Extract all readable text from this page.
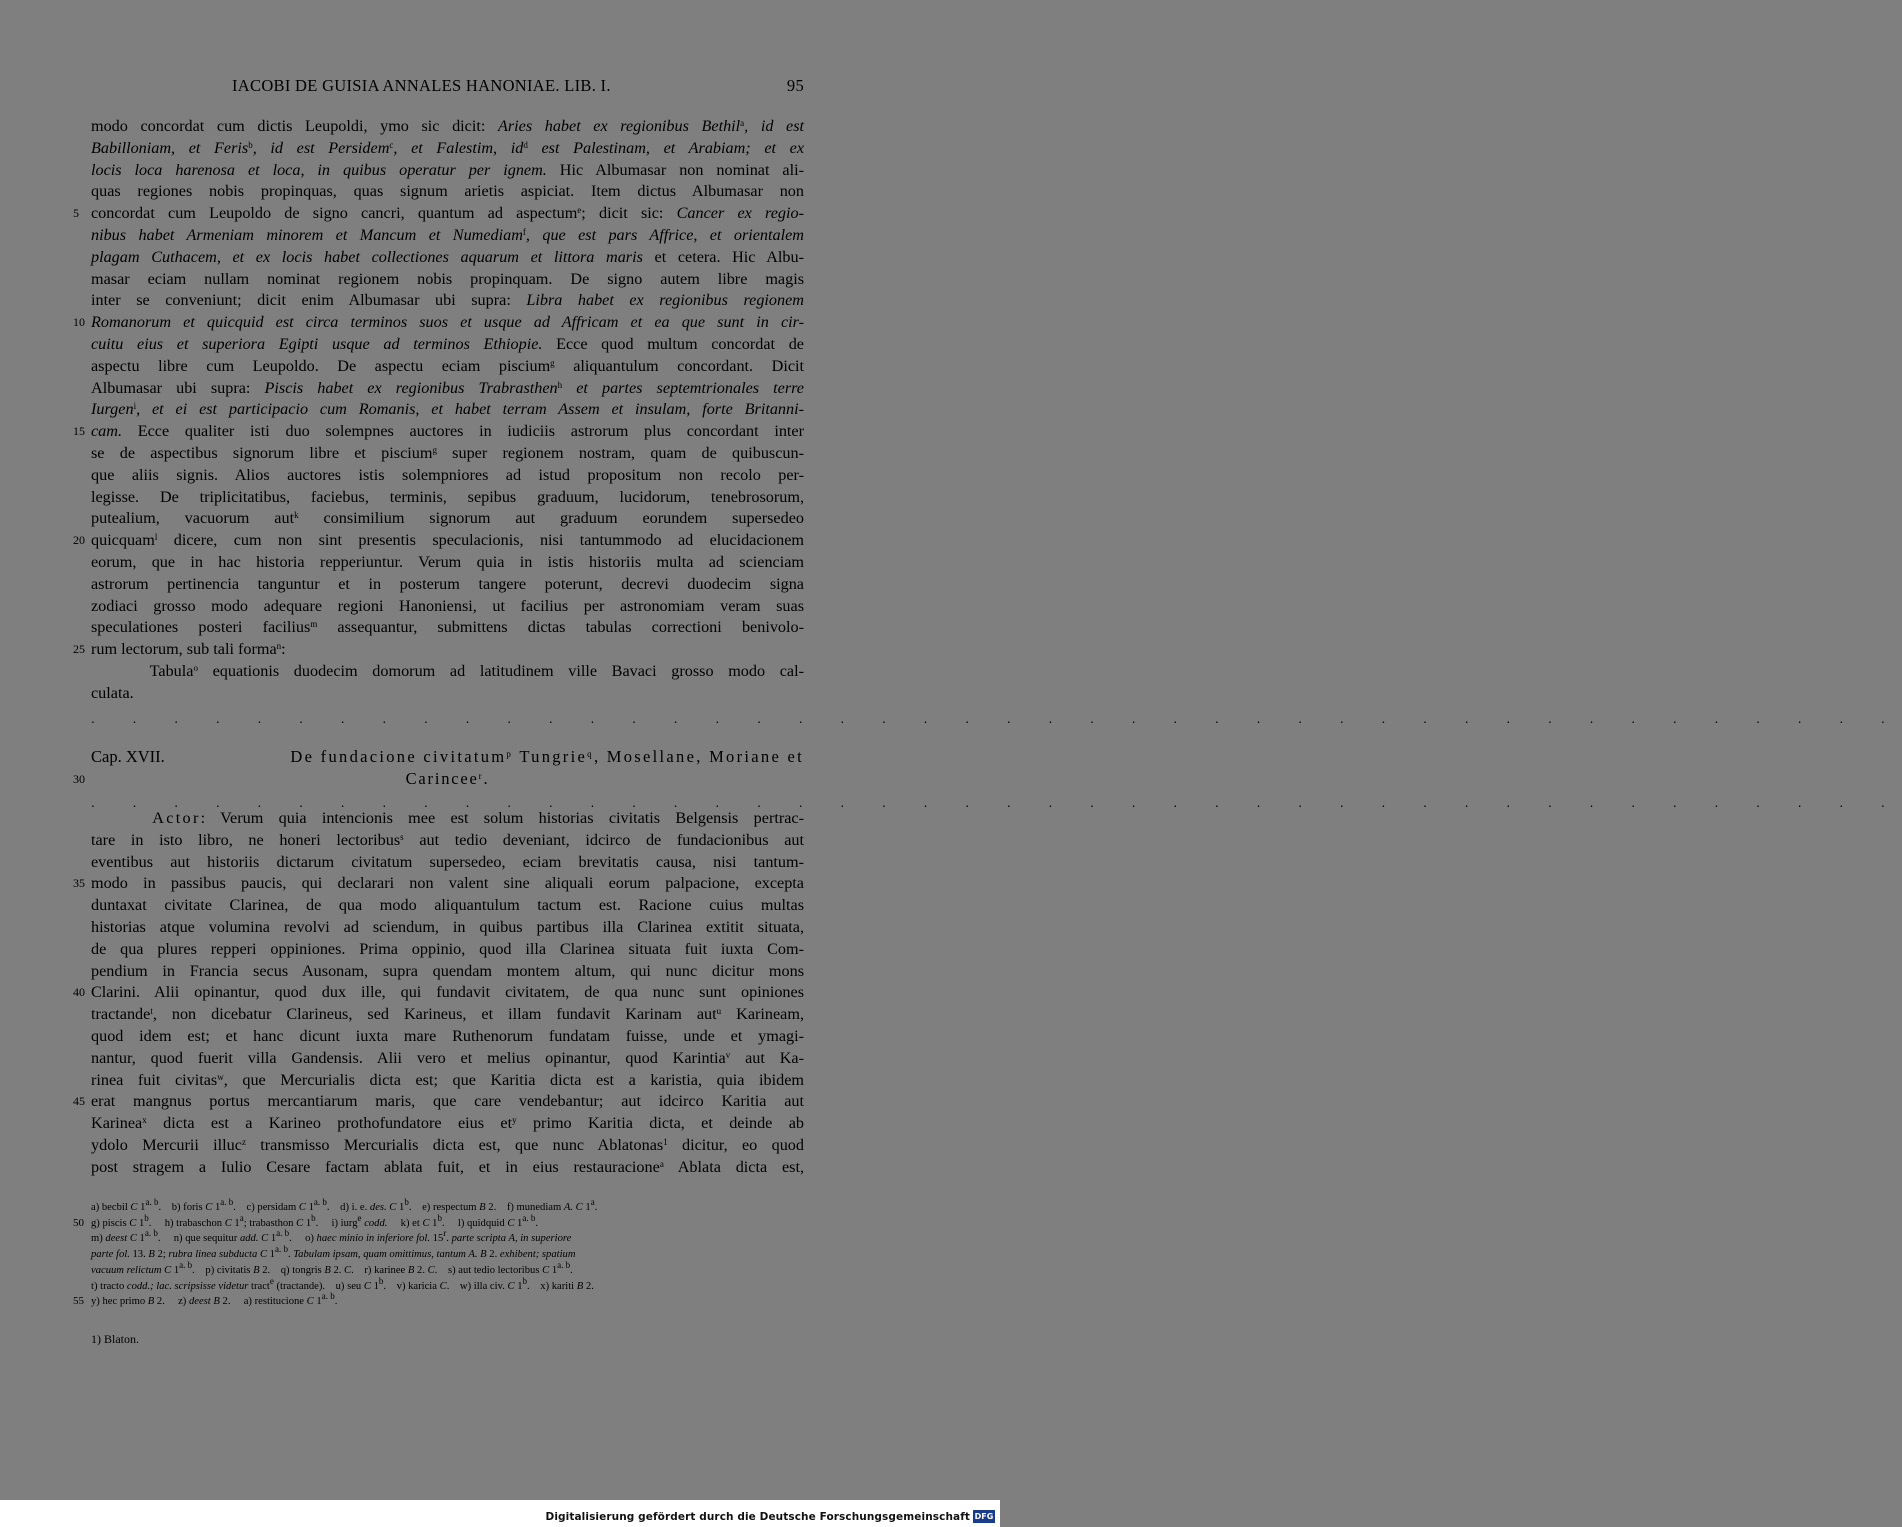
IACOBI DE GUISIA ANNALES HANONIAE. LIB. I.	95
modo concordat cum dictis Leupoldi, ymo sic dicit: Aries habet ex regionibus Bethil$^a$, id est
Babilloniam, et Feris$^b$, id est Persidem$^c$, et Falestim, $id^d$ est Palestinam, et Arabiam; et ex
locis loca harenosa et loca, in quibus operatur per ignem. Hic Albumasar non nominat ali-
quas regiones nobis propinquas, quas signum arietis aspiciat. Item dictus Albumasar non
5 concordat cum Leupoldo de signo cancri, quantum ad aspectum$^e$; dicit sic: Cancer ex regio-
nibus habet Armeniam minorem et Mancum et Numediam$^f$, que est pars Affrice, et orientalem
plagam Cuthacem, et ex locis habet collectiones aquarum et littora maris et cetera. Hic Albu-
masar eciam nullam nominat regionem nobis propinquam. De signo autem libre magis
inter se conveniunt; dicit enim Albumasar ubi supra: Libra habet ex regionibus regionem
10 Romanorum et quicquid est circa terminos suos et usque ad Affricam et ea que sunt in cir-
cuitu eius et superiora Egipti usque ad terminos Ethiopie. Ecce quod multum concordat de
aspectu libre cum Leupoldo. De aspectu eciam piscium$^g$ aliquantulum concordant. Dicit
Albumasar ubi supra: Piscis habet ex regionibus Trabrasthen$^h$ et partes septemtrionales terre
Iurgen$^i$, et ei est participacio cum Romanis, et habet terram Assem et insulam, forte Britanni-
15 cam. Ecce qualiter isti duo solempnes auctores in iudiciis astrorum plus concordant inter
se de aspectibus signorum libre et piscium$^g$ super regionem nostram, quam de quibuscun-
que aliis signis. Alios auctores istis solempniores ad istud propositum non recolo per-
legisse. De triplicitatibus, faciebus, terminis, sepibus graduum, lucidorum, tenebrosorum,
putealium, vacuorum aut$^k$ consimilium signorum aut graduum eorundem supersedeo
20 quicquam$^l$ dicere, cum non sint presentis speculacionis, nisi tantummodo ad elucidacionem
eorum, que in hac historia repperiuntur. Verum quia in istis historiis multa ad scienciam
astrorum pertinencia tanguntur et in posterum tangere poterunt, decrevi duodecim signa
zodiaci grosso modo adequare regioni Hanoniensi, ut facilius per astronomiam veram suas
speculationes posteri facilius$^m$ assequantur, submittens dictas tabulas correctioni benivolo-
25 rum lectorum, sub tali forma$^n$:
Tabula$^o$ equationis duodecim domorum ad latitudinem ville Bavaci grosso modo cal-
culata.
. . . . . . . . . . . . . . . . . . . . . . . . . . . . . . . . . . . . . . . . . . . .
Cap. XVII.	De fundacione civitatum$^p$ Tungrie$^q$, Mosellane, Moriane et
30	Carincee$^r$.
. . . . . . . . . . . . . . . . . . . . . . . . . . . . . . . . . . . . . . . . . . . .
Actor: Verum quia intencionis mee est solum historias civitatis Belgensis pertrac-
tare in isto libro, ne honeri lectoribus$^s$ aut tedio deveniant, idcirco de fundacionibus aut
eventibus aut historiis dictarum civitatum supersedeo, eciam brevitatis causa, nisi tantum-
35 modo in passibus paucis, qui declarari non valent sine aliquali eorum palpacione, excepta
duntaxat civitate Clarinea, de qua modo aliquantulum tactum est. Racione cuius multas
historias atque volumina revolvi ad sciendum, in quibus partibus illa Clarinea extitit situata,
de qua plures repperi oppiniones. Prima oppinio, quod illa Clarinea situata fuit iuxta Com-
pendium in Francia secus Ausonam, supra quendam montem altum, qui nunc dicitur mons
40 Clarini. Alii opinantur, quod dux ille, qui fundavit civitatem, de qua nunc sunt opiniones
tractande$^t$, non dicebatur Clarineus, sed Karineus, et illam fundavit Karinam aut$^u$ Karineam,
quod idem est; et hanc dicunt iuxta mare Ruthenorum fundatam fuisse, unde et ymagi-
nantur, quod fuerit villa Gandensis. Alii vero et melius opinantur, quod Karintia$^v$ aut Ka-
rinea fuit civitas$^w$, que Mercurialis dicta est; que Karitia dicta est a karistia, quia ibidem
45 erat mangnus portus mercantiarum maris, que care vendebantur; aut idcirco Karitia aut
Karinea$^x$ dicta est a Karineo prothofundatore eius $et^y$ primo Karitia dicta, et deinde ab
ydolo Mercurii illuc$^z$ transmisso Mercurialis dicta est, que nunc Ablatonas$^1$ dicitur, eo quod
post stragem a Iulio Cesare factam ablata fuit, et in eius restauracione$^a$ Ablata dicta est,
a) becbil C $1^{a. b}$.    b) foris C $1^{a. b}$.    c) persidam C $1^{a. b}$.    d) i. e. des. C 1$^b$.    e) respectum B 2.    f) munediam A. C 1$^a$.
50 g) piscis C 1$^b$.     h) trabaschon C 1$^a$; trabasthon C 1$^b$.     i) iurg$^e$ codd.     k) et C 1$^b$.     l) quidquid C $1^{a. b}$.
m) deest C $1^{a. b}$.     n) que sequitur add. C $1^{a. b}$.     o) haec minio in inferiore fol. 15$^r$. parte scripta A, in superiore
parte fol. 13. B 2; rubra linea subducta C $1^{a. b}$. Tabulam ipsam, quam omittimus, tantum A. B 2. exhibent; spatium
vacuum relictum C $1^{a. b}$.    p) civitatis B 2.    q) tongris B 2. C.    r) karinee B 2. C.    s) aut tedio lectoribus C $1^{a. b}$.
t) tracto codd.; lac. scripsisse videtur tract$^e$ (tractande).    u) seu C 1$^b$.    v) karicia C.    w) illa civ. C 1$^b$.    x) kariti B 2.
55 y) hec primo B 2.     z) deest B 2.     a) restitucione C $1^{a. b}$.
1) Blaton.
Digitalisierung gefördert durch die Deutsche Forschungsgemeinschaft DFG
